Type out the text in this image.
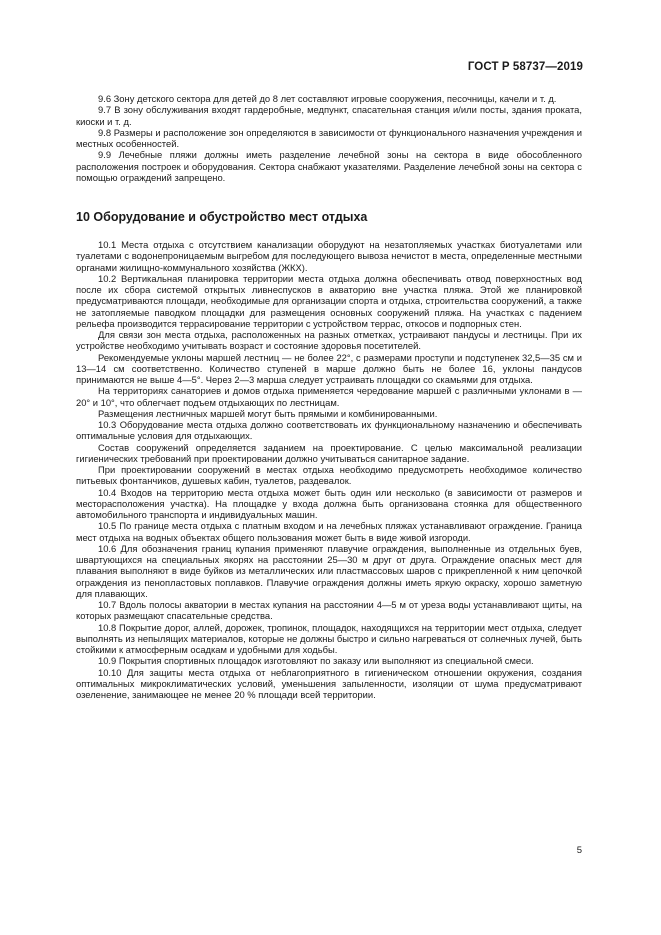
ГОСТ Р 58737—2019

9.6 Зону детского сектора для детей до 8 лет составляют игровые сооружения, песочницы, качели и т. д.

9.7 В зону обслуживания входят гардеробные, медпункт, спасательная станция и/или посты, здания проката, киоски и т. д.

9.8 Размеры и расположение зон определяются в зависимости от функционального назначения учреждения и местных особенностей.

9.9 Лечебные пляжи должны иметь разделение лечебной зоны на сектора в виде обособленного расположения построек и оборудования. Сектора снабжают указателями. Разделение лечебной зоны на сектора с помощью ограждений запрещено.

10 Оборудование и обустройство мест отдыха

10.1 Места отдыха с отсутствием канализации оборудуют на незатопляемых участках биотуалетами или туалетами с водонепроницаемым выгребом для последующего вывоза нечистот в места, определенные местными органами жилищно-коммунального хозяйства (ЖКХ).

10.2 Вертикальная планировка территории места отдыха должна обеспечивать отвод поверхностных вод после их сбора системой открытых ливнеспусков в акваторию вне участка пляжа. Этой же планировкой предусматриваются площади, необходимые для организации спорта и отдыха, строительства сооружений, а также не затопляемые паводком площадки для размещения основных сооружений пляжа. На участках с падением рельефа производится террасирование территории с устройством террас, откосов и подпорных стен.

Для связи зон места отдыха, расположенных на разных отметках, устраивают пандусы и лестницы. При их устройстве необходимо учитывать возраст и состояние здоровья посетителей.

Рекомендуемые уклоны маршей лестниц — не более 22°, с размерами проступи и подступенек 32,5—35 см и 13—14 см соответственно. Количество ступеней в марше должно быть не более 16, уклоны пандусов принимаются не выше 4—5°. Через 2—3 марша следует устраивать площадки со скамьями для отдыха.

На территориях санаториев и домов отдыха применяется чередование маршей с различными уклонами в — 20° и 10°, что облегчает подъем отдыхающих по лестницам.

Размещения лестничных маршей могут быть прямыми и комбинированными.

10.3 Оборудование места отдыха должно соответствовать их функциональному назначению и обеспечивать оптимальные условия для отдыхающих.

Состав сооружений определяется заданием на проектирование. С целью максимальной реализации гигиенических требований при проектировании должно учитываться санитарное задание.

При проектировании сооружений в местах отдыха необходимо предусмотреть необходимое количество питьевых фонтанчиков, душевых кабин, туалетов, раздевалок.

10.4 Входов на территорию места отдыха может быть один или несколько (в зависимости от размеров и месторасположения участка). На площадке у входа должна быть организована стоянка для общественного автомобильного транспорта и индивидуальных машин.

10.5 По границе места отдыха с платным входом и на лечебных пляжах устанавливают ограждение. Граница мест отдыха на водных объектах общего пользования может быть в виде живой изгороди.

10.6 Для обозначения границ купания применяют плавучие ограждения, выполненные из отдельных буев, швартующихся на специальных якорях на расстоянии 25—30 м друг от друга. Ограждение опасных мест для плавания выполняют в виде буйков из металлических или пластмассовых шаров с прикрепленной к ним цепочкой ограждения из пенопластовых поплавков. Плавучие ограждения должны иметь яркую окраску, хорошо заметную для плавающих.

10.7 Вдоль полосы акватории в местах купания на расстоянии 4—5 м от уреза воды устанавливают щиты, на которых размещают спасательные средства.

10.8 Покрытие дорог, аллей, дорожек, тропинок, площадок, находящихся на территории мест отдыха, следует выполнять из непылящих материалов, которые не должны быстро и сильно нагреваться от солнечных лучей, быть стойкими к атмосферным осадкам и удобными для ходьбы.

10.9 Покрытия спортивных площадок изготовляют по заказу или выполняют из специальной смеси.

10.10 Для защиты места отдыха от неблагоприятного в гигиеническом отношении окружения, создания оптимальных микроклиматических условий, уменьшения запыленности, изоляции от шума предусматривают озеленение, занимающее не менее 20 % площади всей территории.

5
